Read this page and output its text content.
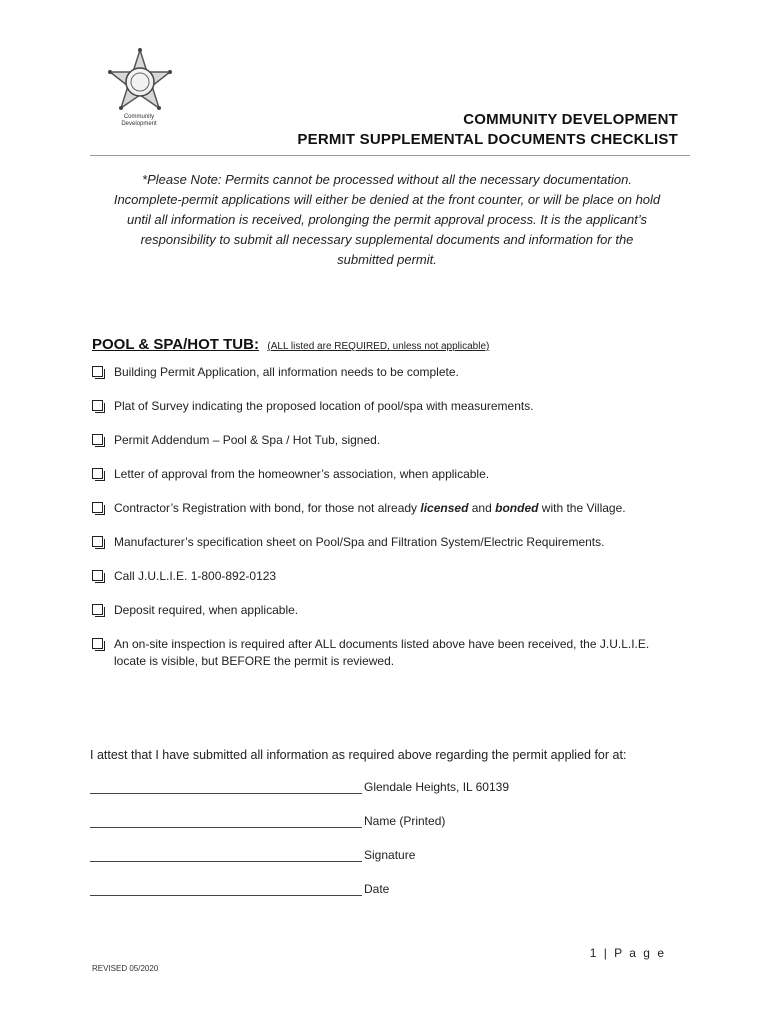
Community
Development	COMMUNITY DEVELOPMENT
PERMIT SUPPLEMENTAL DOCUMENTS CHECKLIST
*Please Note: Permits cannot be processed without all the necessary documentation.
Incomplete-permit applications will either be denied at the front counter, or will be place on hold
until all information is received, prolonging the permit approval process. It is the applicant’s
responsibility to submit all necessary supplemental documents and information for the
submitted permit.
POOL & SPA/HOT TUB: (ALL listed are REQUIRED, unless not applicable)
Building Permit Application, all information needs to be complete.
Plat of Survey indicating the proposed location of pool/spa with measurements.
Permit Addendum – Pool & Spa / Hot Tub, signed.
Letter of approval from the homeowner’s association, when applicable.
Contractor’s Registration with bond, for those not already licensed and bonded with the Village.
Manufacturer’s specification sheet on Pool/Spa and Filtration System/Electric Requirements.
Call J.U.L.I.E. 1-800-892-0123
Deposit required, when applicable.
An on-site inspection is required after ALL documents listed above have been received, the J.U.L.I.E.
locate is visible, but BEFORE the permit is reviewed.
I attest that I have submitted all information as required above regarding the permit applied for at:
Glendale Heights, IL 60139
Name (Printed)
Signature
Date
1 | P a g e
REVISED 05/2020
